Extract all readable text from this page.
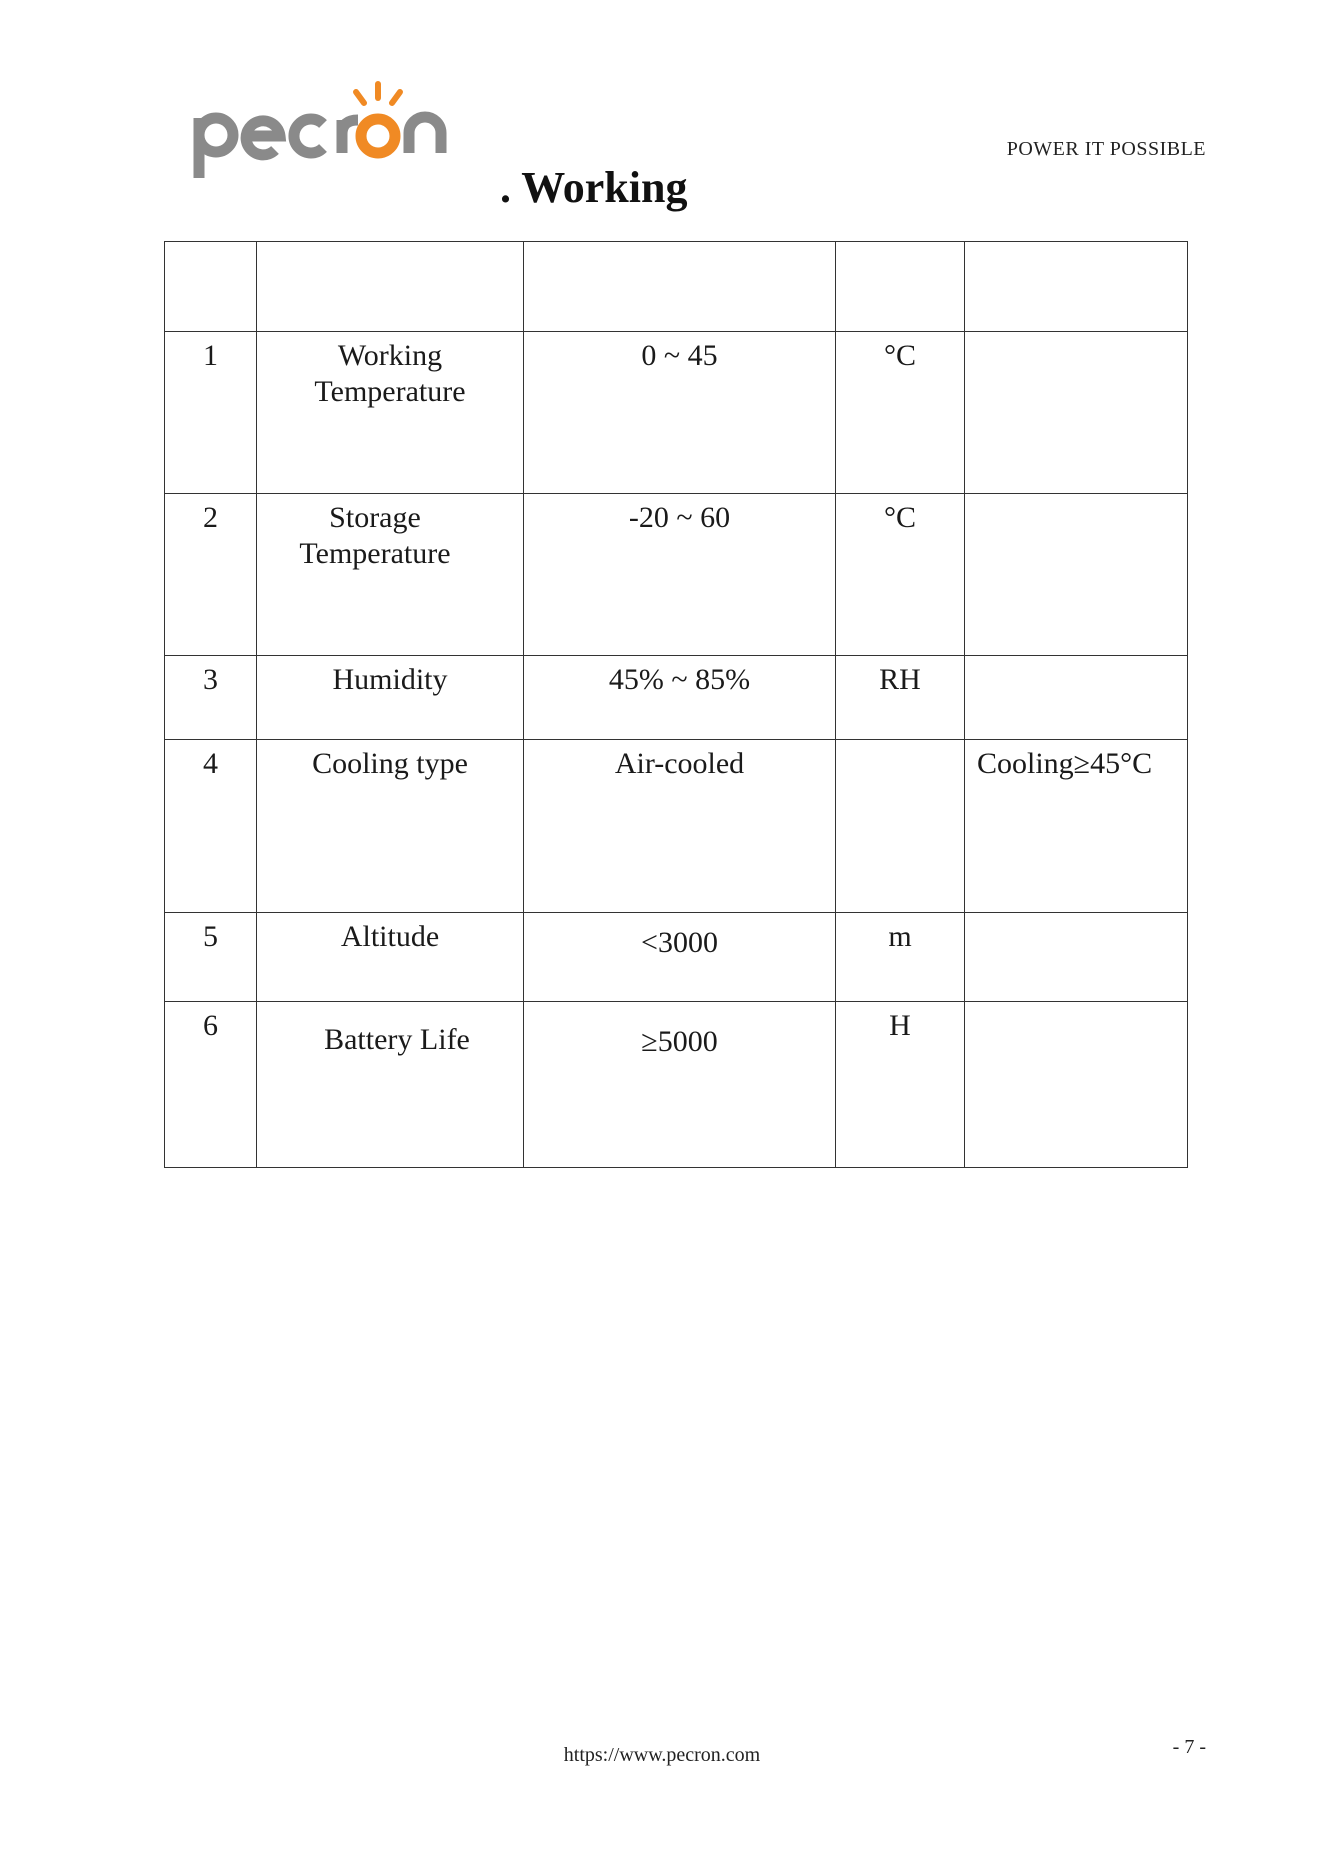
POWER IT POSSIBLE
. Working

1	Working Temperature	0 ~ 45	°C	
2	Storage Temperature	-20 ~ 60	°C	
3	Humidity	45% ~ 85%	RH	
4	Cooling type	Air-cooled		Cooling≥45°C
5	Altitude	<3000	m	
6	Battery Life	≥5000	H	
https://www.pecron.com	- 7 -
